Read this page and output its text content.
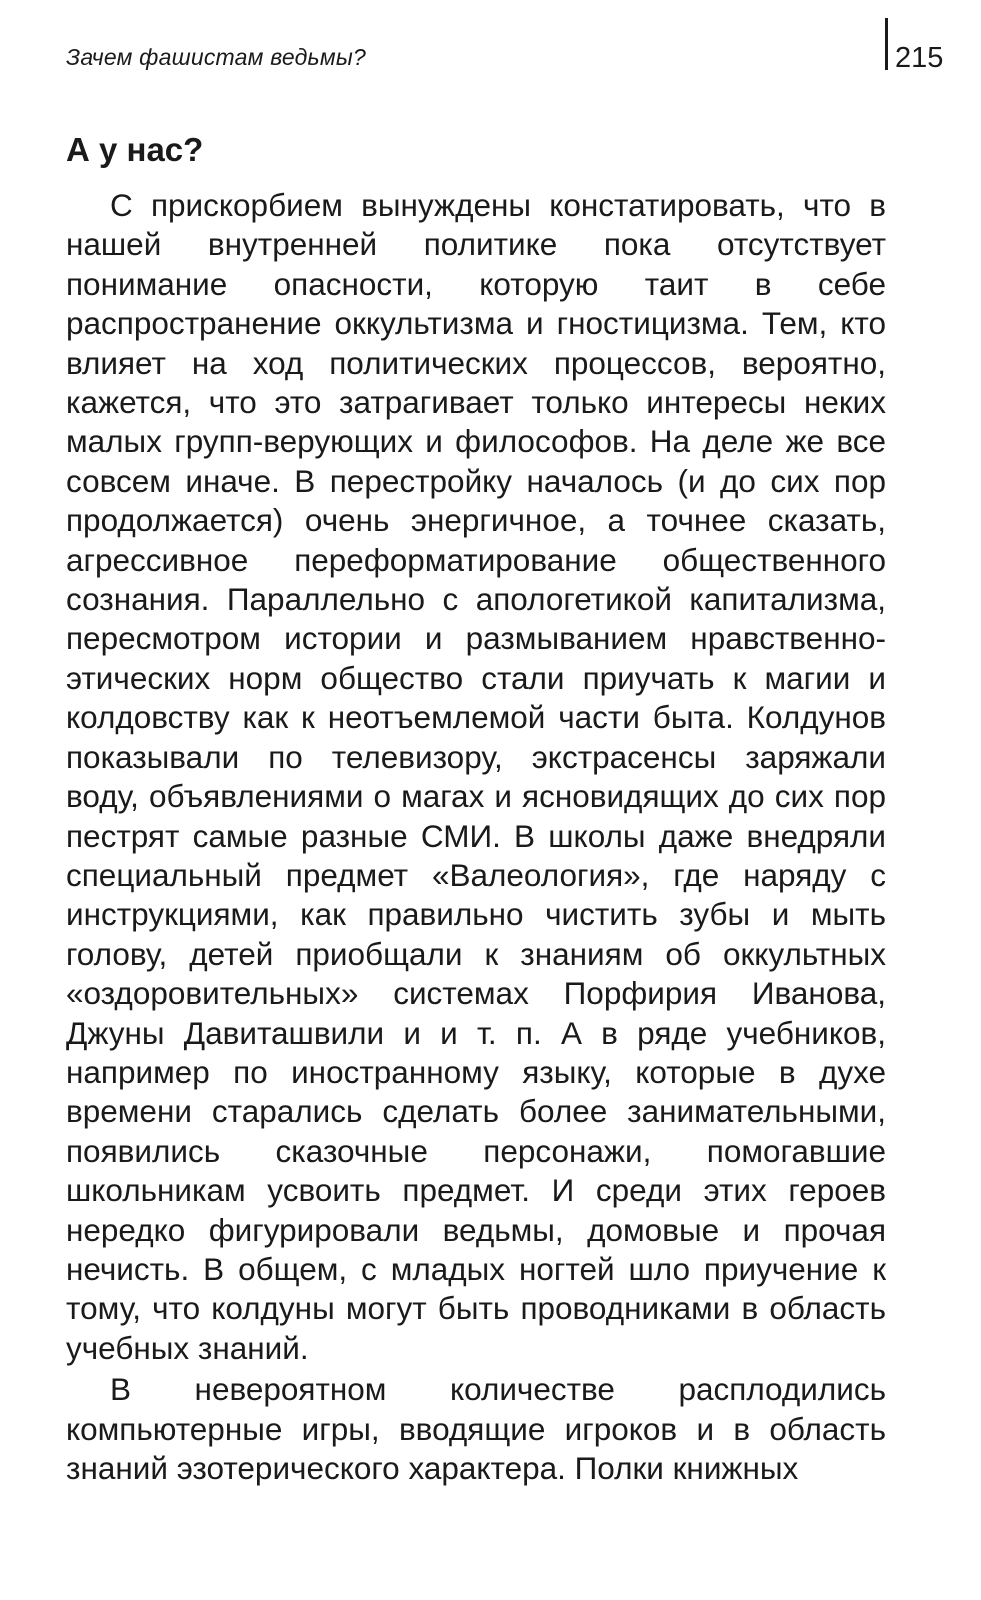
Зачем фашистам ведьмы?	215
А у нас?

С прискорбием вынуждены констатировать, что в нашей внутренней политике пока отсутствует понимание опасности, которую таит в себе распространение оккультизма и гностицизма. Тем, кто влияет на ход политических процессов, вероятно, кажется, что это затрагивает только интересы неких малых групп-верующих и философов. На деле же все совсем иначе. В перестройку началось (и до сих пор продолжается) очень энергичное, а точнее сказать, агрессивное переформатирование общественного сознания. Параллельно с апологетикой капитализма, пересмотром истории и размыванием нравственно-этических норм общество стали приучать к магии и колдовству как к неотъемлемой части быта. Колдунов показывали по телевизору, экстрасенсы заряжали воду, объявлениями о магах и ясновидящих до сих пор пестрят самые разные СМИ. В школы даже внедряли специальный предмет «Валеология», где наряду с инструкциями, как правильно чистить зубы и мыть голову, детей приобщали к знаниям об оккультных «оздоровительных» системах Порфирия Иванова, Джуны Давиташвили и и т. п. А в ряде учебников, например по иностранному языку, которые в духе времени старались сделать более занимательными, появились сказочные персонажи, помогавшие школьникам усвоить предмет. И среди этих героев нередко фигурировали ведьмы, домовые и прочая нечисть. В общем, с младых ногтей шло приучение к тому, что колдуны могут быть проводниками в область учебных знаний.

В невероятном количестве расплодились компьютерные игры, вводящие игроков и в область знаний эзотерического характера. Полки книжных
